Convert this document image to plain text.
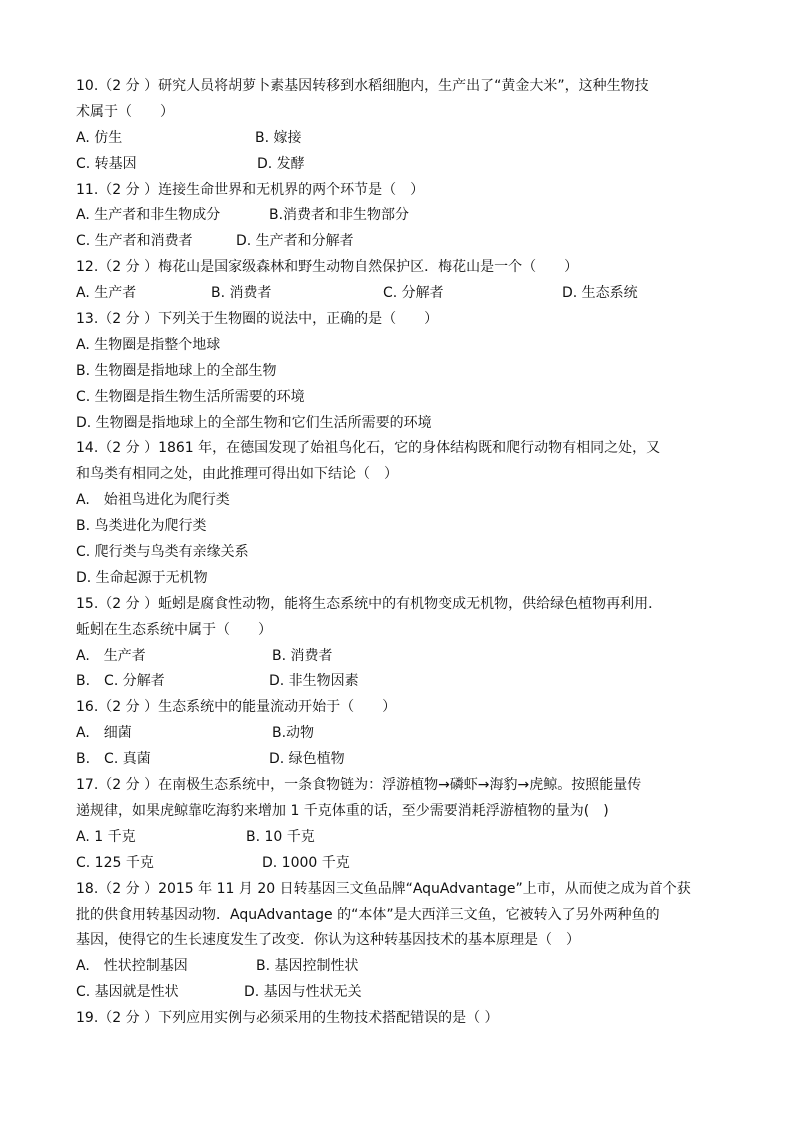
10.（2 分 ）研究人员将胡萝卜素基因转移到水稻细胞内，生产出了“黄金大米”，这种生物技
术属于（　　）
A. 仿生	B. 嫁接
C. 转基因	D. 发酵
11.（2 分 ）连接生命世界和无机界的两个环节是（　）
A. 生产者和非生物成分	B.消费者和非生物部分
C. 生产者和消费者	D. 生产者和分解者
12.（2 分 ）梅花山是国家级森林和野生动物自然保护区．梅花山是一个（　　）
A. 生产者	B. 消费者	C. 分解者	D. 生态系统
13.（2 分 ）下列关于生物圈的说法中，正确的是（　　）
A. 生物圈是指整个地球
B. 生物圈是指地球上的全部生物
C. 生物圈是指生物生活所需要的环境
D. 生物圈是指地球上的全部生物和它们生活所需要的环境
14.（2 分 ）1861 年，在德国发现了始祖鸟化石，它的身体结构既和爬行动物有相同之处，又
和鸟类有相同之处，由此推理可得出如下结论（　）
A.　始祖鸟进化为爬行类
B. 鸟类进化为爬行类
C. 爬行类与鸟类有亲缘关系
D. 生命起源于无机物
15.（2 分 ）蚯蚓是腐食性动物，能将生态系统中的有机物变成无机物，供给绿色植物再利用．
蚯蚓在生态系统中属于（　　）
A.　生产者	B. 消费者
B.　C. 分解者	D. 非生物因素
16.（2 分 ）生态系统中的能量流动开始于（　　）
A.　细菌	B.动物
B.　C. 真菌	D. 绿色植物
17.（2 分 ）在南极生态系统中，一条食物链为：浮游植物→磷虾→海豹→虎鲸。按照能量传
递规律，如果虎鲸靠吃海豹来增加 1 千克体重的话，至少需要消耗浮游植物的量为(　)
A. 1 千克	B. 10 千克
C. 125 千克	D. 1000 千克
18.（2 分 ）2015 年 11 月 20 日转基因三文鱼品牌“AquAdvantage”上市，从而使之成为首个获
批的供食用转基因动物．AquAdvantage 的“本体”是大西洋三文鱼，它被转入了另外两种鱼的
基因，使得它的生长速度发生了改变．你认为这种转基因技术的基本原理是（　）
A.　性状控制基因	B. 基因控制性状
C. 基因就是性状	D. 基因与性状无关
19.（2 分 ）下列应用实例与必须采用的生物技术搭配错误的是（ ）
